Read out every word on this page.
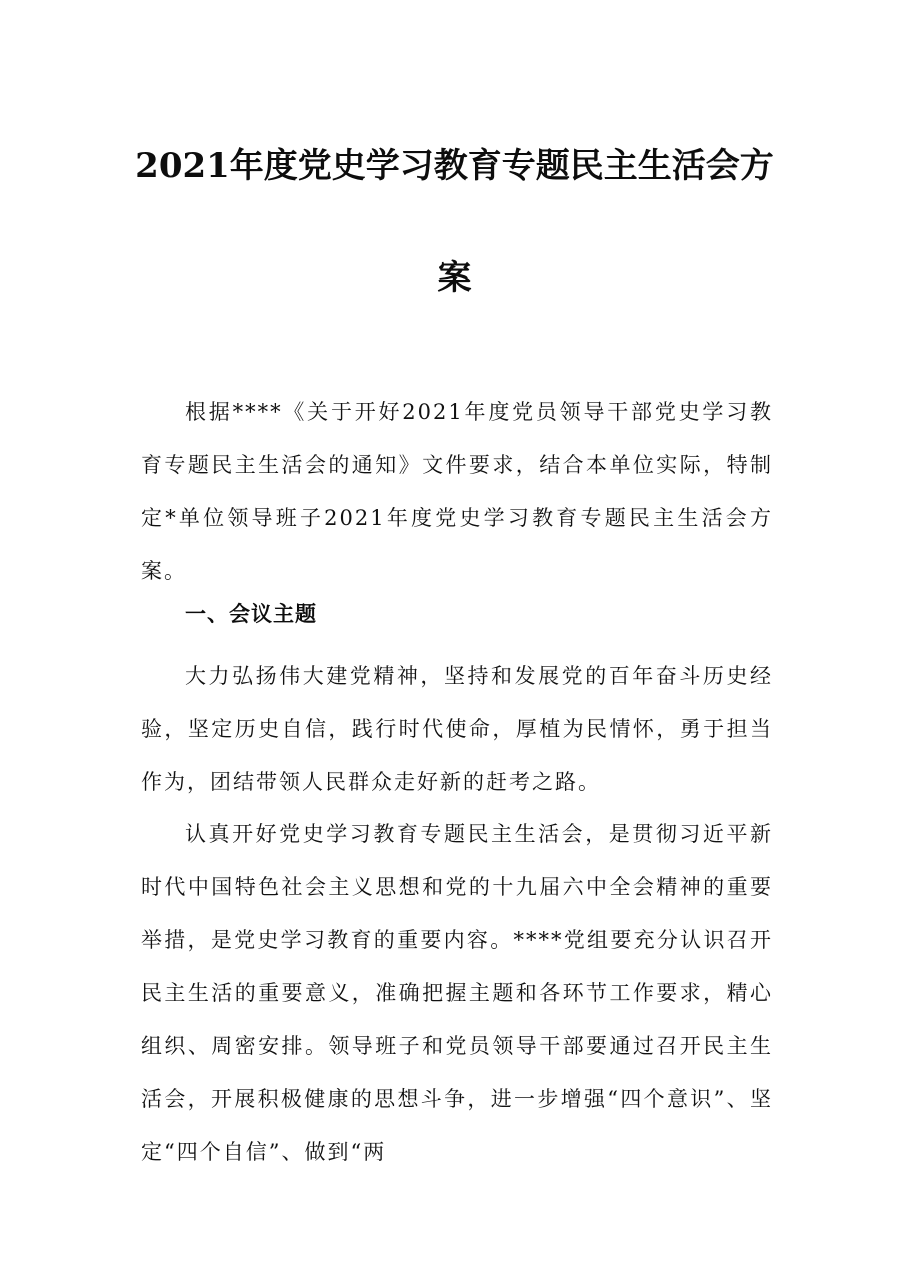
2021年度党史学习教育专题民主生活会方
案

根据****《关于开好2021年度党员领导干部党史学习教育专题民主生活会的通知》文件要求，结合本单位实际，特制定*单位领导班子2021年度党史学习教育专题民主生活会方案。

一、会议主题

大力弘扬伟大建党精神，坚持和发展党的百年奋斗历史经验，坚定历史自信，践行时代使命，厚植为民情怀，勇于担当作为，团结带领人民群众走好新的赶考之路。

认真开好党史学习教育专题民主生活会，是贯彻习近平新时代中国特色社会主义思想和党的十九届六中全会精神的重要举措，是党史学习教育的重要内容。****党组要充分认识召开民主生活的重要意义，准确把握主题和各环节工作要求，精心组织、周密安排。领导班子和党员领导干部要通过召开民主生活会，开展积极健康的思想斗争，进一步增强“四个意识”、坚定“四个自信”、做到“两
